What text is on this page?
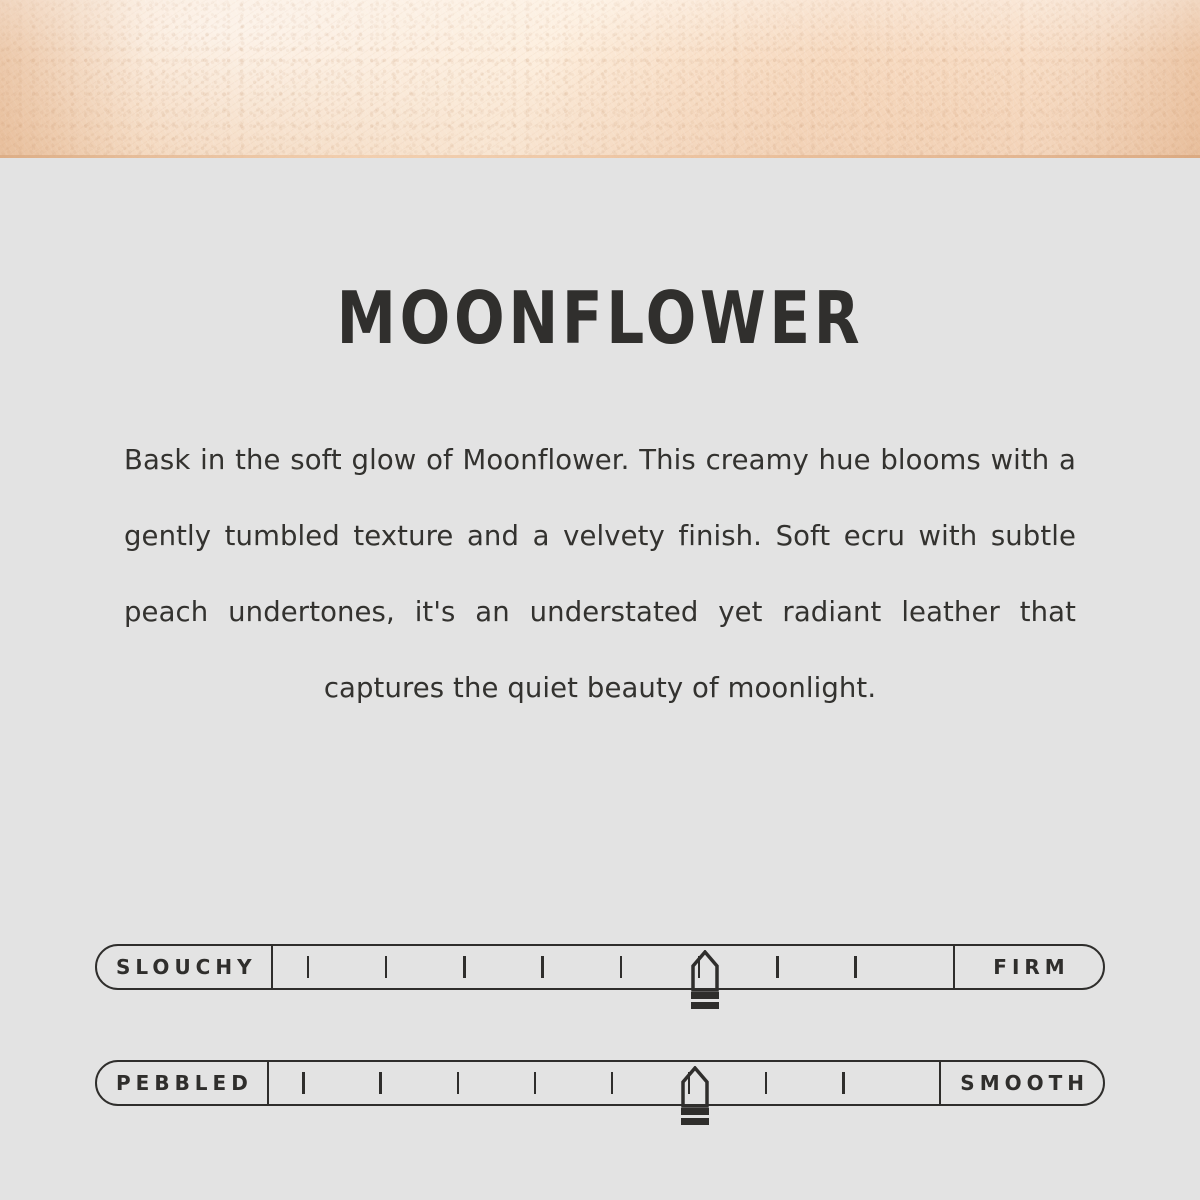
MOONFLOWER

Bask in the soft glow of Moonflower. This creamy hue blooms with a gently tumbled texture and a velvety finish. Soft ecru with subtle peach undertones, it's an understated yet radiant leather that captures the quiet beauty of moonlight.

SLOUCHY	FIRM
PEBBLED	SMOOTH
